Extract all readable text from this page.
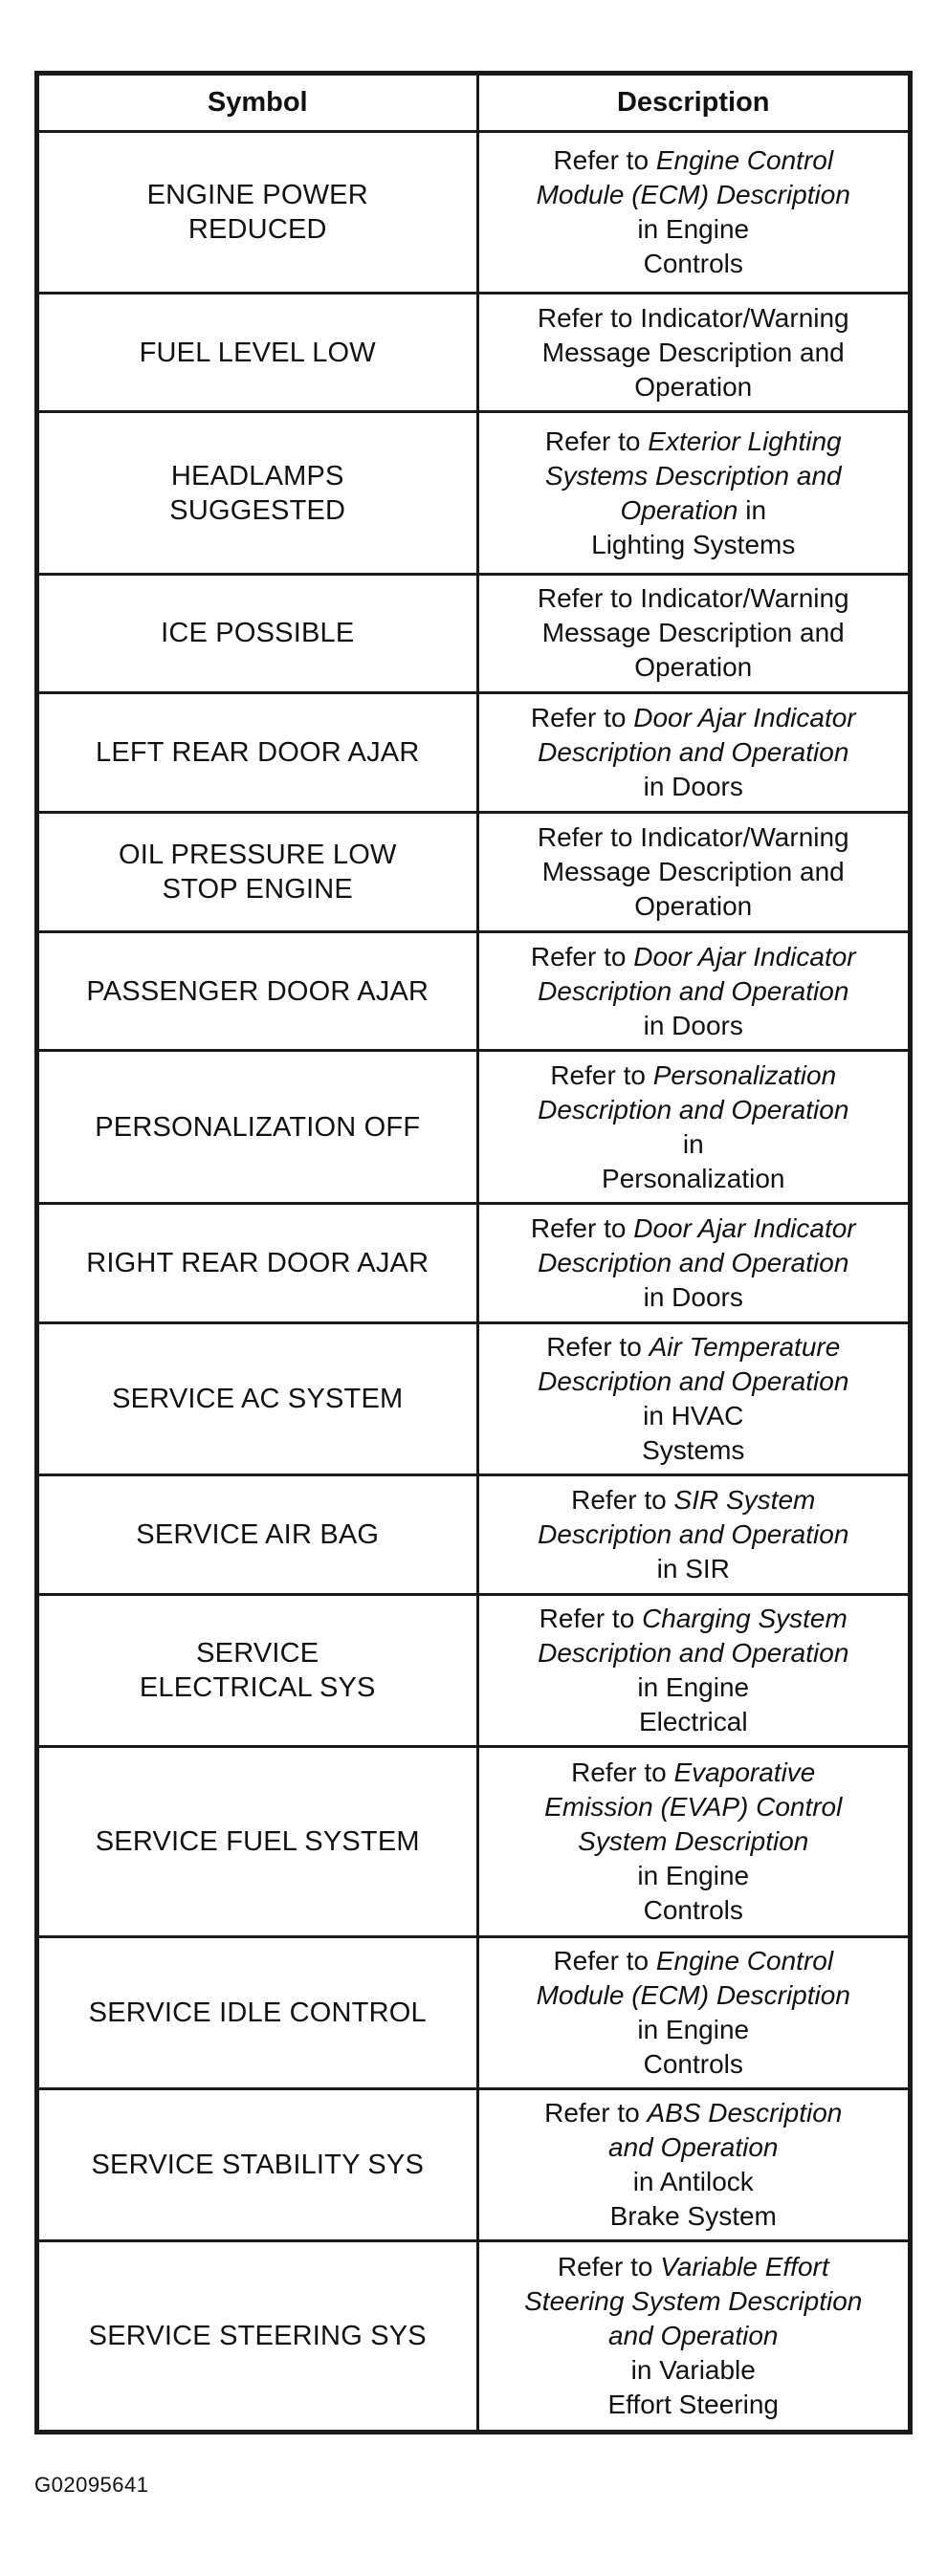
Symbol	Description

ENGINE POWER
REDUCED	Refer to Engine Control
Module (ECM) Description
in Engine
Controls

FUEL LEVEL LOW	Refer to Indicator/Warning
Message Description and
Operation

HEADLAMPS
SUGGESTED	Refer to Exterior Lighting
Systems Description and
Operation in
Lighting Systems

ICE POSSIBLE	Refer to Indicator/Warning
Message Description and
Operation

LEFT REAR DOOR AJAR	Refer to Door Ajar Indicator
Description and Operation
in Doors

OIL PRESSURE LOW
STOP ENGINE	Refer to Indicator/Warning
Message Description and
Operation

PASSENGER DOOR AJAR	Refer to Door Ajar Indicator
Description and Operation
in Doors

PERSONALIZATION OFF	Refer to Personalization
Description and Operation
in
Personalization

RIGHT REAR DOOR AJAR	Refer to Door Ajar Indicator
Description and Operation
in Doors

SERVICE AC SYSTEM	Refer to Air Temperature
Description and Operation
in HVAC
Systems

SERVICE AIR BAG	Refer to SIR System
Description and Operation
in SIR

SERVICE
ELECTRICAL SYS	Refer to Charging System
Description and Operation
in Engine
Electrical

SERVICE FUEL SYSTEM	Refer to Evaporative
Emission (EVAP) Control
System Description
in Engine
Controls

SERVICE IDLE CONTROL	Refer to Engine Control
Module (ECM) Description
in Engine
Controls

SERVICE STABILITY SYS	Refer to ABS Description
and Operation
in Antilock
Brake System

SERVICE STEERING SYS	Refer to Variable Effort
Steering System Description
and Operation
in Variable
Effort Steering
G02095641
